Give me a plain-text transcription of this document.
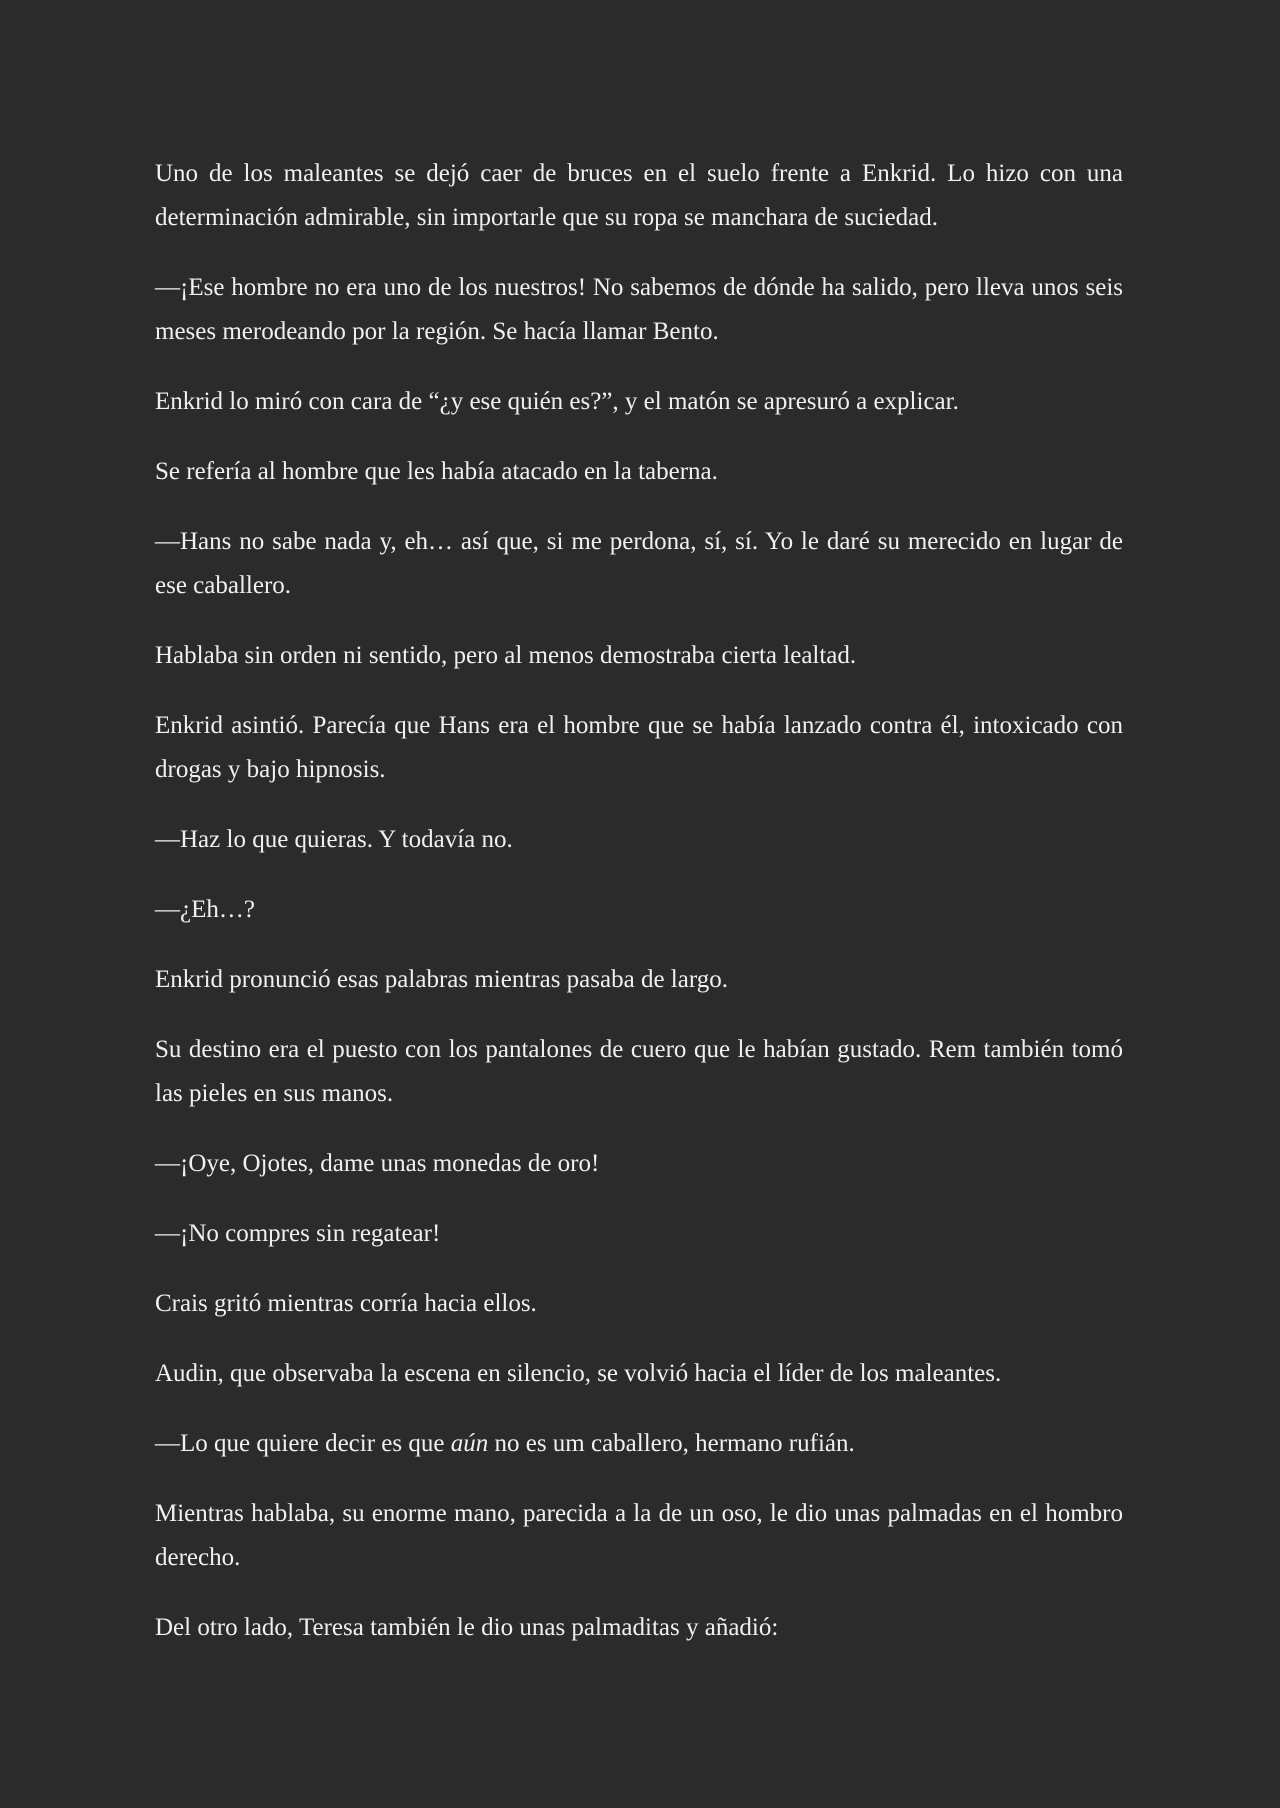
Uno de los maleantes se dejó caer de bruces en el suelo frente a Enkrid. Lo hizo con una determinación admirable, sin importarle que su ropa se manchara de suciedad.

—¡Ese hombre no era uno de los nuestros! No sabemos de dónde ha salido, pero lleva unos seis meses merodeando por la región. Se hacía llamar Bento.

Enkrid lo miró con cara de “¿y ese quién es?”, y el matón se apresuró a explicar.

Se refería al hombre que les había atacado en la taberna.

—Hans no sabe nada y, eh… así que, si me perdona, sí, sí. Yo le daré su merecido en lugar de ese caballero.

Hablaba sin orden ni sentido, pero al menos demostraba cierta lealtad.

Enkrid asintió. Parecía que Hans era el hombre que se había lanzado contra él, intoxicado con drogas y bajo hipnosis.

—Haz lo que quieras. Y todavía no.

—¿Eh…?

Enkrid pronunció esas palabras mientras pasaba de largo.

Su destino era el puesto con los pantalones de cuero que le habían gustado. Rem también tomó las pieles en sus manos.

—¡Oye, Ojotes, dame unas monedas de oro!

—¡No compres sin regatear!

Crais gritó mientras corría hacia ellos.

Audin, que observaba la escena en silencio, se volvió hacia el líder de los maleantes.

—Lo que quiere decir es que aún no es um caballero, hermano rufián.

Mientras hablaba, su enorme mano, parecida a la de un oso, le dio unas palmadas en el hombro derecho.

Del otro lado, Teresa también le dio unas palmaditas y añadió:
